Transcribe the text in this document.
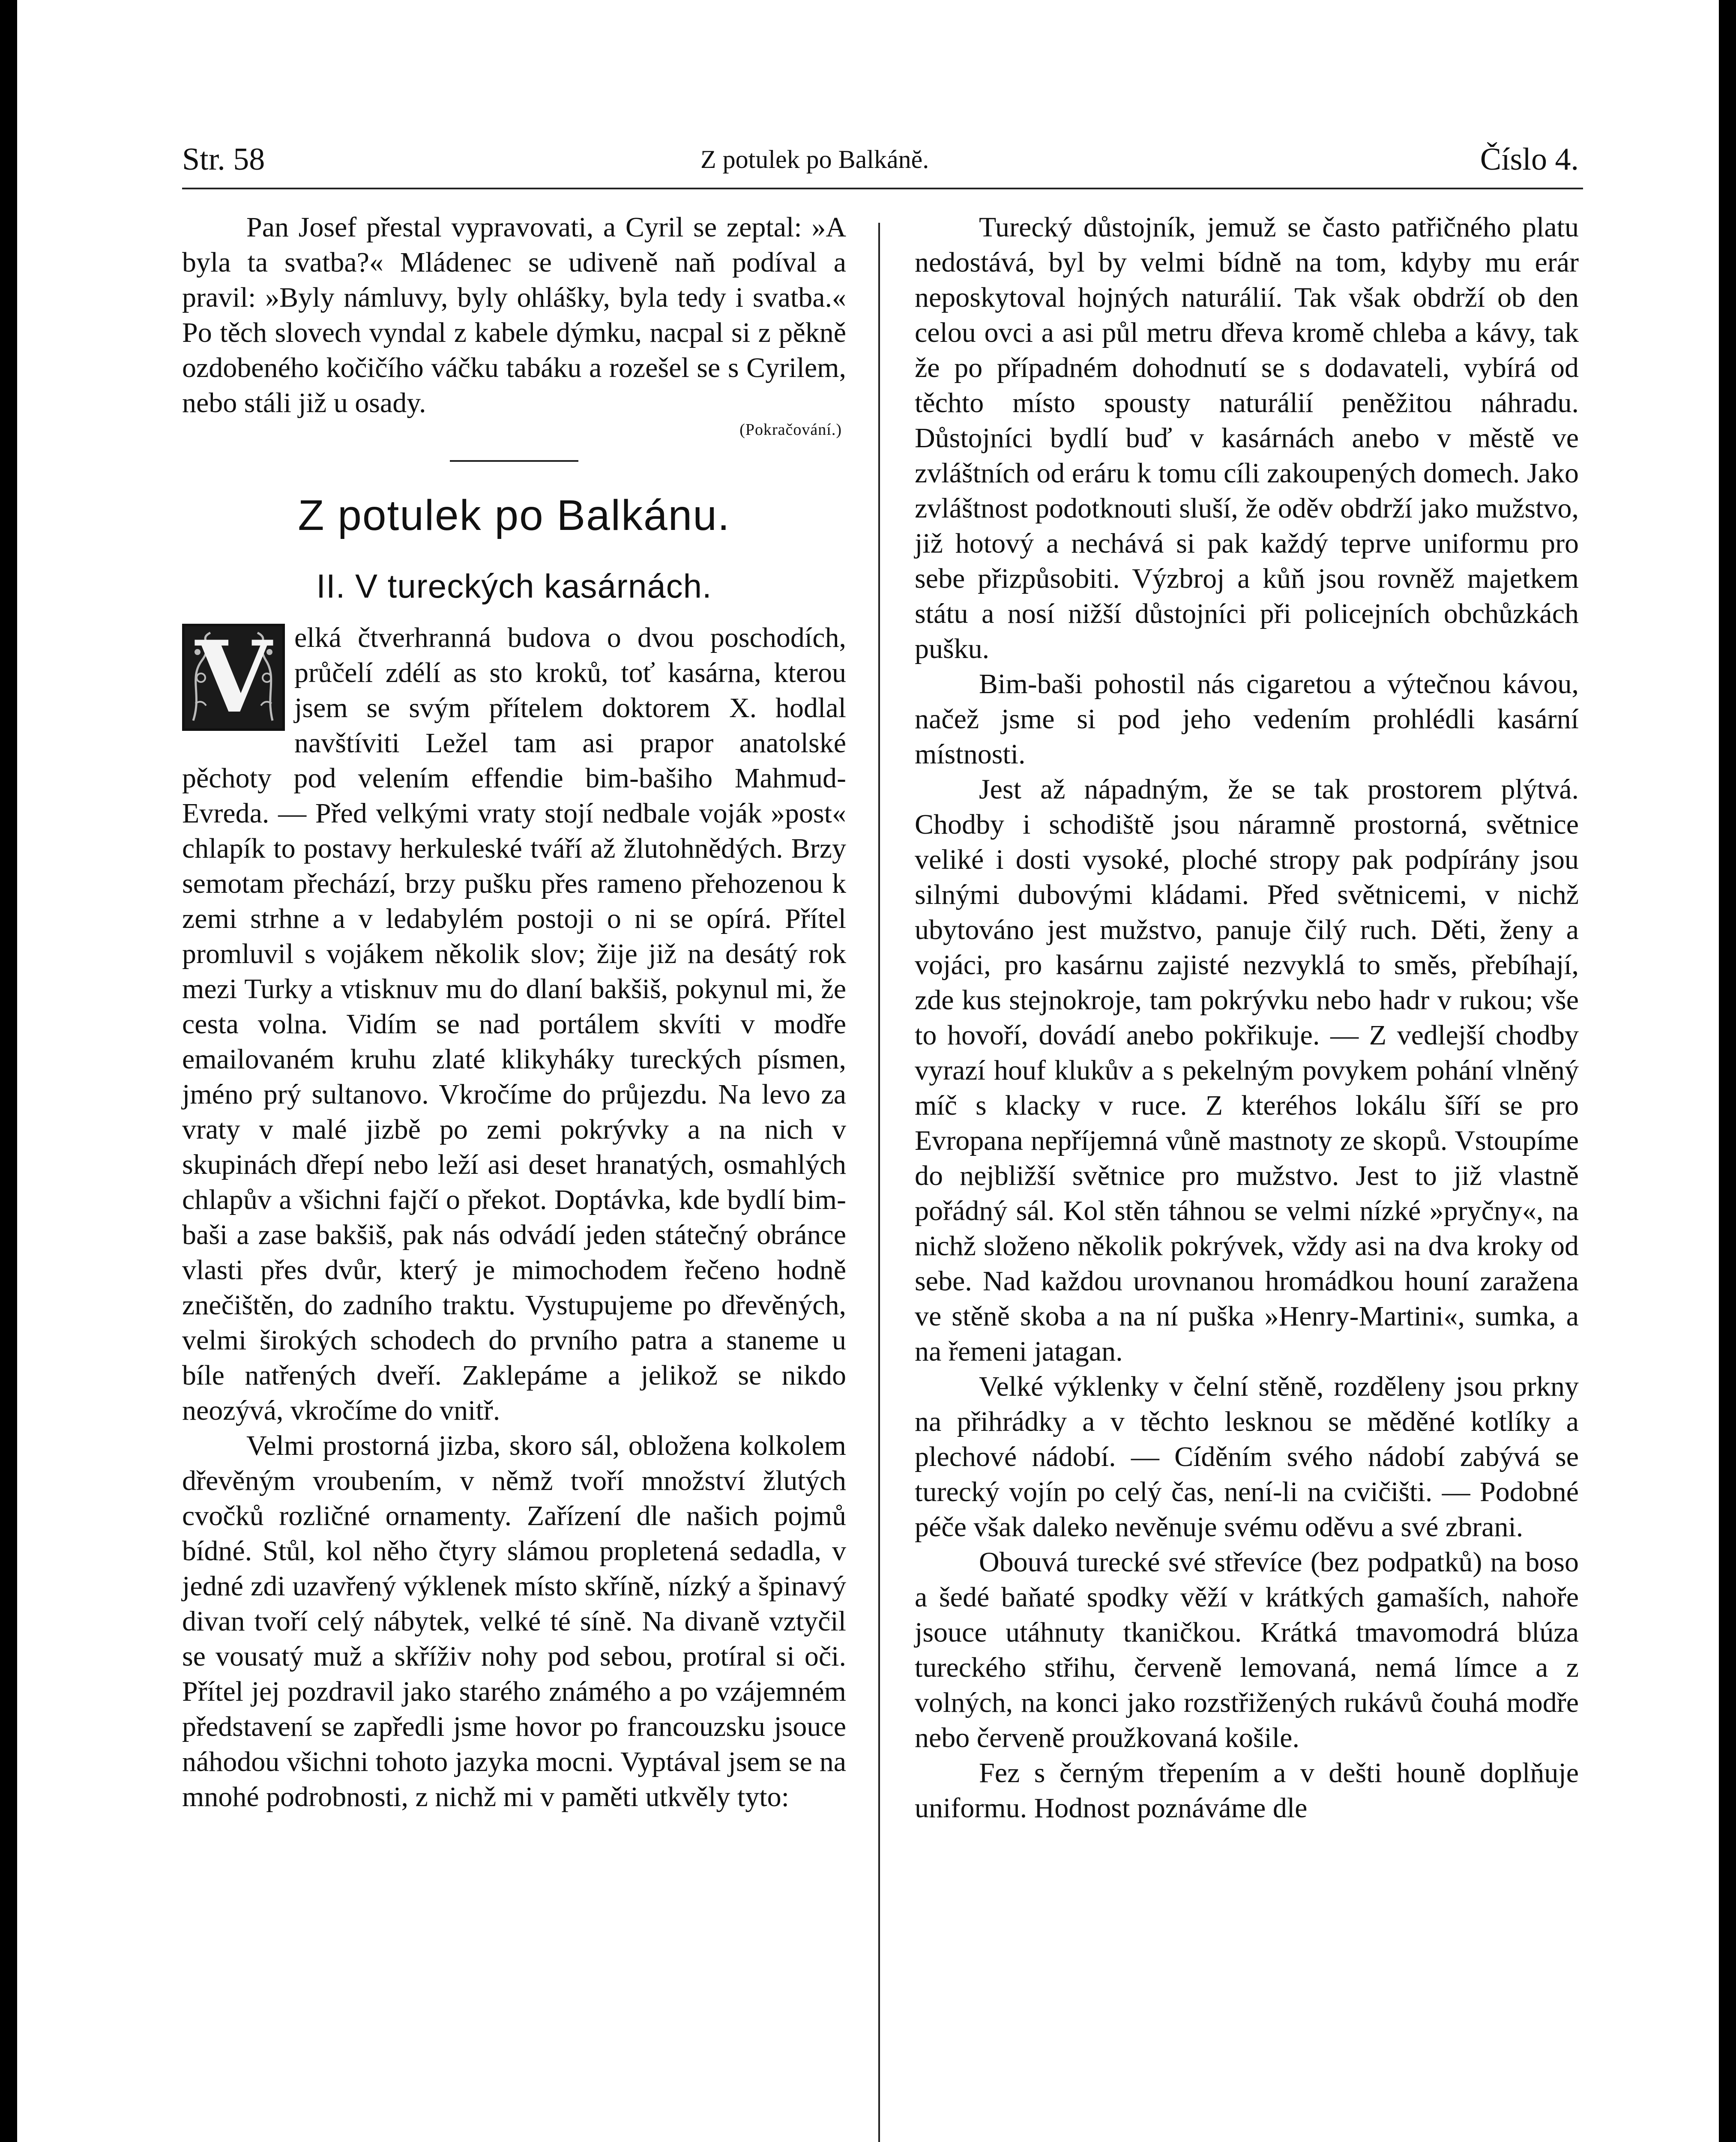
Str. 58	Z potulek po Balkánĕ.	Číslo 4.

Pan Josef přestal vypravovati, a Cyril se zeptal: »A byla ta svatba?« Mládenec se udiveně naň podíval a pravil: »Byly námluvy, byly ohlášky, byla tedy i svatba.« Po těch slovech vyndal z kabele dýmku, nacpal si z pěkně ozdobeného kočičího váčku tabáku a rozešel se s Cyrilem, nebo stáli již u osady.

(Pokračování.)
Z potulek po Balkánu.
II. V tureckých kasárnách.

V elká čtverhranná budova o dvou poschodích, průčelí zdélí as sto kroků, toť kasárna, kterou jsem se svým přítelem doktorem X. hodlal navštíviti Ležel tam asi prapor anatolské pěchoty pod velením effendie bim-bašiho Mahmud-Evreda. — Před velkými vraty stojí nedbale voják »post« chlapík to postavy herkuleské tváří až žlutohnědých. Brzy semotam přechází, brzy pušku přes rameno přehozenou k zemi strhne a v ledabylém postoji o ni se opírá. Přítel promluvil s vojákem několik slov; žije již na desátý rok mezi Turky a vtisknuv mu do dlaní bakšiš, pokynul mi, že cesta volna. Vidím se nad portálem skvíti v modře emailovaném kruhu zlaté klikyháky tureckých písmen, jméno prý sultanovo. Vkročíme do průjezdu. Na levo za vraty v malé jizbě po zemi pokrývky a na nich v skupinách dřepí nebo leží asi deset hranatých, osmahlých chlapův a všichni fajčí o překot. Doptávka, kde bydlí bim-baši a zase bakšiš, pak nás odvádí jeden státečný obránce vlasti přes dvůr, který je mimochodem řečeno hodně znečištěn, do zadního traktu. Vystupujeme po dřevěných, velmi širokých schodech do prvního patra a staneme u bíle natřených dveří. Zaklepáme a jelikož se nikdo neozývá, vkročíme do vnitř.

Velmi prostorná jizba, skoro sál, obložena kolkolem dřevěným vroubením, v němž tvoří množství žlutých cvočků rozličné ornamenty. Zařízení dle našich pojmů bídné. Stůl, kol něho čtyry slámou propletená sedadla, v jedné zdi uzavřený výklenek místo skříně, nízký a špinavý divan tvoří celý nábytek, velké té síně. Na divaně vztyčil se vousatý muž a skříživ nohy pod sebou, protíral si oči. Přítel jej pozdravil jako starého známého a po vzájemném představení se zapředli jsme hovor po francouzsku jsouce náhodou všichni tohoto jazyka mocni. Vyptával jsem se na mnohé podrobnosti, z nichž mi v paměti utkvěly tyto:

Turecký důstojník, jemuž se často patřičného platu nedostává, byl by velmi bídně na tom, kdyby mu erár neposkytoval hojných naturálií. Tak však obdrží ob den celou ovci a asi půl metru dřeva kromě chleba a kávy, tak že po případném dohodnutí se s dodavateli, vybírá od těchto místo spousty naturálií peněžitou náhradu. Důstojníci bydlí buď v kasárnách anebo v městě ve zvláštních od eráru k tomu cíli zakoupených domech. Jako zvláštnost podotknouti sluší, že oděv obdrží jako mužstvo, již hotový a nechává si pak každý teprve uniformu pro sebe přizpůsobiti. Výzbroj a kůň jsou rovněž majetkem státu a nosí nižší důstojníci při policejních obchůzkách pušku.

Bim-baši pohostil nás cigaretou a výtečnou kávou, načež jsme si pod jeho vedením prohlédli kasární místnosti.

Jest až nápadným, že se tak prostorem plýtvá. Chodby i schodiště jsou náramně prostorná, světnice veliké i dosti vysoké, ploché stropy pak podpírány jsou silnými dubovými kládami. Před světnicemi, v nichž ubytováno jest mužstvo, panuje čilý ruch. Děti, ženy a vojáci, pro kasárnu zajisté nezvyklá to směs, přebíhají, zde kus stejnokroje, tam pokrývku nebo hadr v rukou; vše to hovoří, dovádí anebo pokřikuje. — Z vedlejší chodby vyrazí houf klukův a s pekelným povykem pohání vlněný míč s klacky v ruce. Z kteréhos lokálu šíří se pro Evropana nepříjemná vůně mastnoty ze skopů. Vstoupíme do nejbližší světnice pro mužstvo. Jest to již vlastně pořádný sál. Kol stěn táhnou se velmi nízké »pryčny«, na nichž složeno několik pokrývek, vždy asi na dva kroky od sebe. Nad každou urovnanou hromádkou houní zaražena ve stěně skoba a na ní puška »Henry-Martini«, sumka, a na řemeni jatagan.

Velké výklenky v čelní stěně, rozděleny jsou prkny na přihrádky a v těchto lesknou se měděné kotlíky a plechové nádobí. — Cíděním svého nádobí zabývá se turecký vojín po celý čas, není-li na cvičišti. — Podobné péče však daleko nevěnuje svému oděvu a své zbrani.

Obouvá turecké své střevíce (bez podpatků) na boso a šedé baňaté spodky věží v krátkých gamaších, nahoře jsouce utáhnuty tkaničkou. Krátká tmavomodrá blúza tureckého střihu, červeně lemovaná, nemá límce a z volných, na konci jako rozstřižených rukávů čouhá modře nebo červeně proužkovaná košile.

Fez s černým třepením a v dešti houně doplňuje uniformu. Hodnost poznáváme dle
